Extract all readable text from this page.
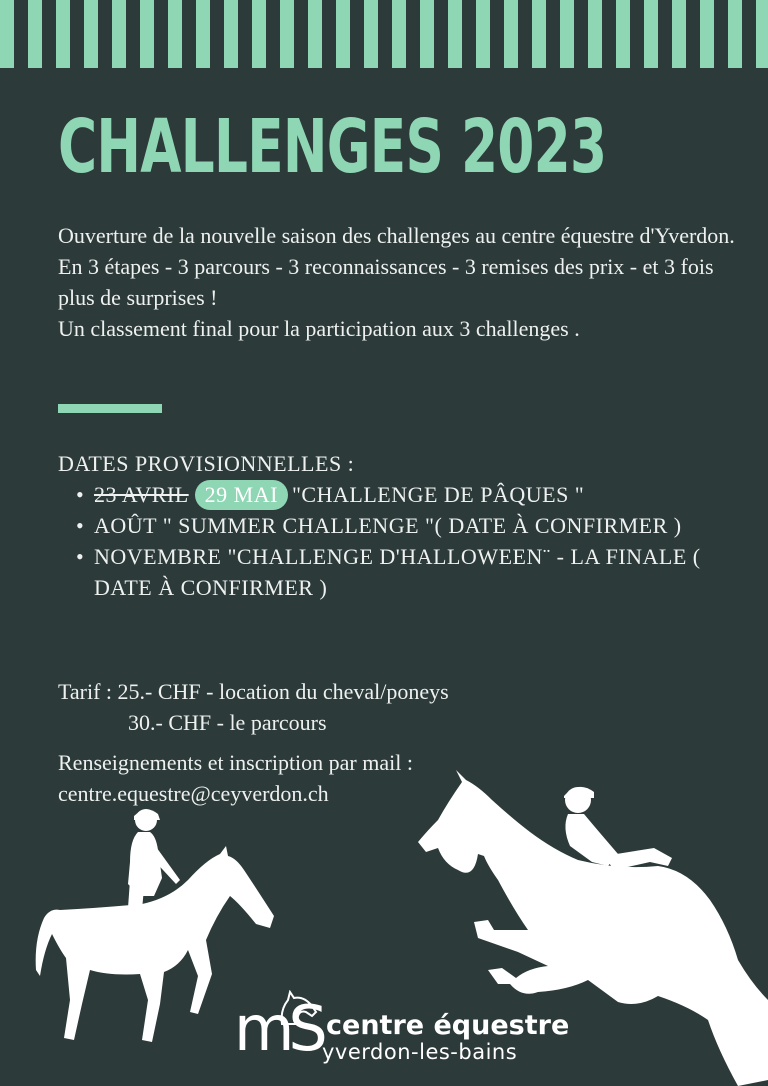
CHALLENGES 2023

Ouverture de la nouvelle saison des challenges au centre équestre d'Yverdon.

En 3 étapes - 3 parcours - 3 reconnaissances - 3 remises des prix - et 3 fois plus de surprises !

Un classement final pour la participation aux 3 challenges .

DATES PROVISIONNELLES :

• 23 AVRIL 29 MAI "CHALLENGE DE PÂQUES "
• AOÛT " SUMMER CHALLENGE "( DATE À CONFIRMER )
• NOVEMBRE "CHALLENGE D'HALLOWEEN¨ - LA FINALE ( DATE À CONFIRMER )

Tarif : 25.- CHF - location du cheval/poneys

30.- CHF - le parcours

Renseignements et inscription par mail :

centre.equestre@ceyverdon.ch

mS centre équestre

yverdon-les-bains
